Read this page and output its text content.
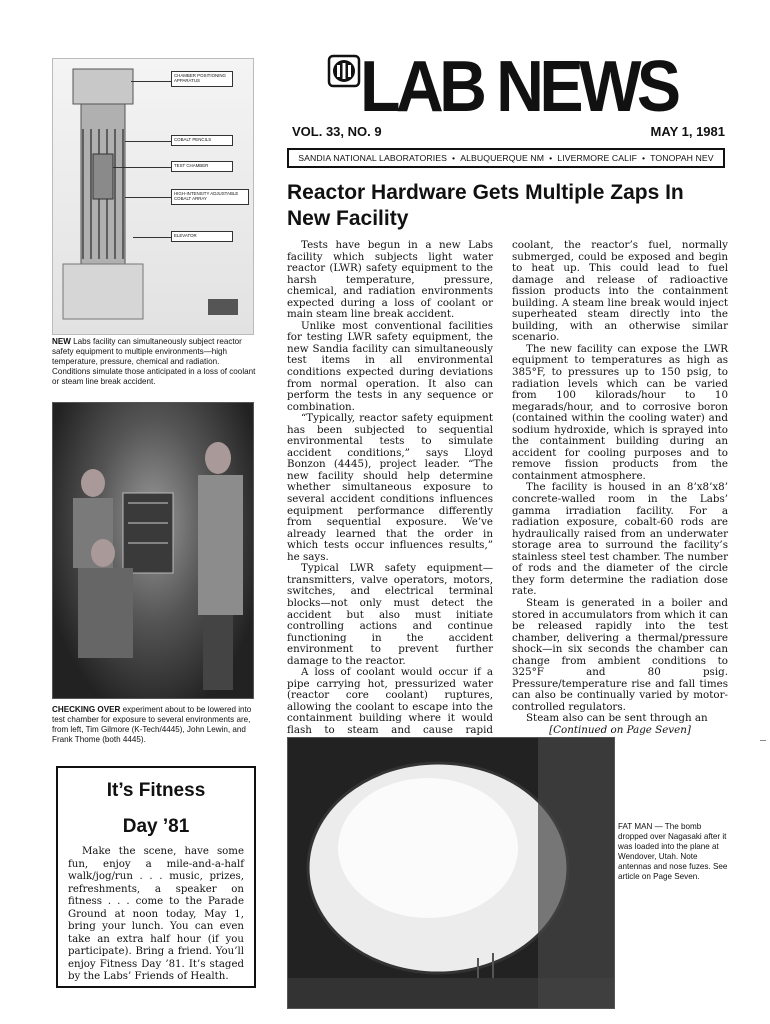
LAB NEWS
VOL. 33, NO. 9	MAY 1, 1981
SANDIA NATIONAL LABORATORIES • ALBUQUERQUE NM • LIVERMORE CALIF • TONOPAH NEV
Reactor Hardware Gets Multiple Zaps In New Facility

Tests have begun in a new Labs facility which subjects light water reactor (LWR) safety equipment to the harsh temperature, pressure, chemical, and radiation environments expected during a loss of coolant or main steam line break accident.

Unlike most conventional facilities for testing LWR safety equipment, the new Sandia facility can simultaneously test items in all environmental conditions expected during deviations from normal operation. It also can perform the tests in any sequence or combination.

“Typically, reactor safety equipment has been subjected to sequential environmental tests to simulate accident conditions,” says Lloyd Bonzon (4445), project leader. “The new facility should help determine whether simultaneous exposure to several accident conditions influences equipment performance differently from sequential exposure. We’ve already learned that the order in which tests occur influences results,” he says.

Typical LWR safety equipment—transmitters, valve operators, motors, switches, and electrical terminal blocks—not only must detect the accident but also must initiate controlling actions and continue functioning in the accident environment to prevent further damage to the reactor.

A loss of coolant would occur if a pipe carrying hot, pressurized water (reactor core coolant) ruptures, allowing the coolant to escape into the containment building where it would flash to steam and cause rapid

coolant, the reactor’s fuel, normally submerged, could be exposed and begin to heat up. This could lead to fuel damage and release of radioactive fission products into the containment building. A steam line break would inject superheated steam directly into the building, with an otherwise similar scenario.

The new facility can expose the LWR equipment to temperatures as high as 385°F, to pressures up to 150 psig, to radiation levels which can be varied from 100 kilorads/hour to 10 megarads/hour, and to corrosive boron (contained within the cooling water) and sodium hydroxide, which is sprayed into the containment building during an accident for cooling purposes and to remove fission products from the containment atmosphere.

The facility is housed in an 8’x8’x8’ concrete-walled room in the Labs’ gamma irradiation facility. For a radiation exposure, cobalt-60 rods are hydraulically raised from an underwater storage area to surround the facility’s stainless steel test chamber. The number of rods and the diameter of the circle they form determine the radiation dose rate.

Steam is generated in a boiler and stored in accumulators from which it can be released rapidly into the test chamber, delivering a thermal/pressure shock—in six seconds the chamber can change from ambient conditions to 325°F and 80 psig. Pressure/temperature rise and fall times can also be continually varied by motor-controlled regulators.

Steam also can be sent through an

[Continued on Page Seven]

CHAMBER POSITIONING APPARATUS
COBALT PENCILS
TEST CHAMBER
HIGH-INTENSITY ADJUSTABLE COBALT ARRAY
ELEVATOR
NEW Labs facility can simultaneously subject reactor safety equipment to multiple environments—high temperature, pressure, chemical and radiation. Conditions simulate those anticipated in a loss of coolant or steam line break accident.
CHECKING OVER experiment about to be lowered into test chamber for exposure to several environments are, from left, Tim Gilmore (K-Tech/4445), John Lewin, and Frank Thome (both 4445).
It’s Fitness
Day ’81

Make the scene, have some fun, enjoy a mile-and-a-half walk/jog/run . . . music, prizes, refreshments, a speaker on fitness . . . come to the Parade Ground at noon today, May 1, bring your lunch. You can even take an extra half hour (if you participate). Bring a friend. You’ll enjoy Fitness Day ’81. It’s staged by the Labs’ Friends of Health.

FAT MAN — The bomb dropped over Nagasaki after it was loaded into the plane at Wendover, Utah. Note antennas and nose fuzes. See article on Page Seven.
